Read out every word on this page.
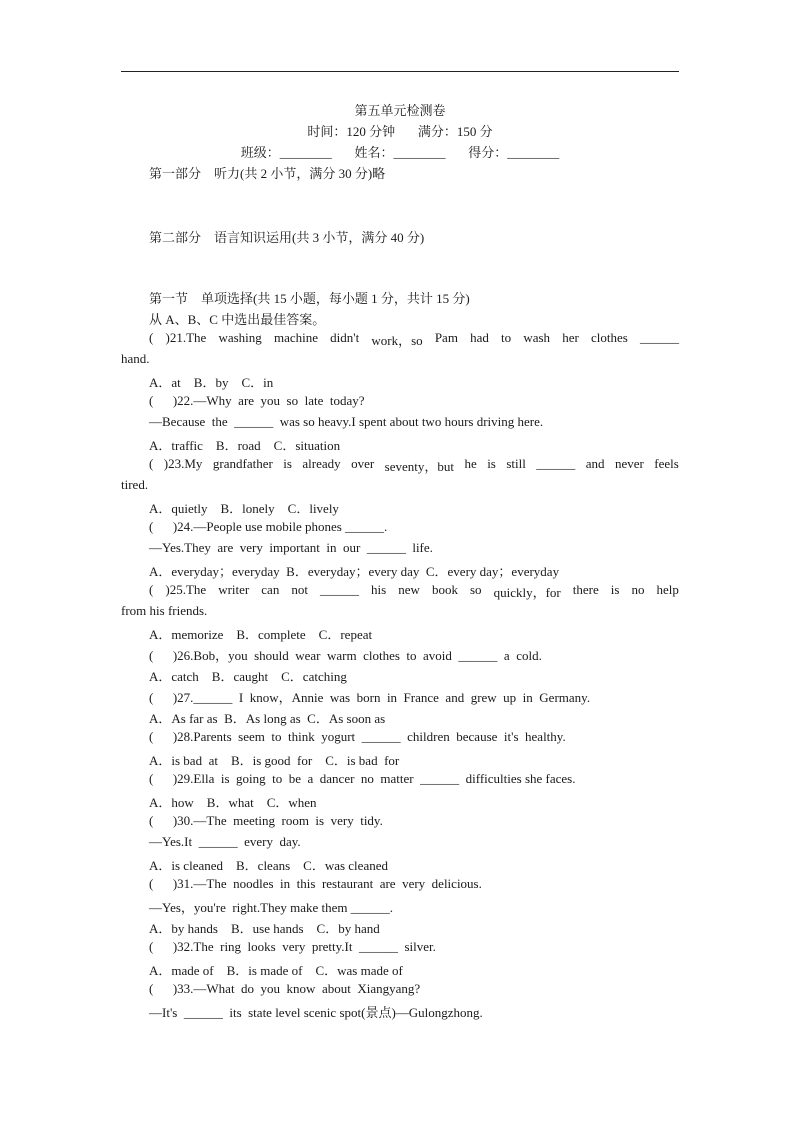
第五单元检测卷
时间：120 分钟       满分：150 分
班级：________       姓名：________       得分：________
第一部分    听力(共 2 小节，满分 30 分)略
第二部分    语言知识运用(共 3 小节，满分 40 分)
第一节    单项选择(共 15 小题，每小题 1 分，共计 15 分)
从 A、B、C 中选出最佳答案。
( )21.The washing machine didn't work，so Pam had to wash her clothes ______
hand.
A．at    B．by    C．in
(      )22.—Why  are  you  so  late  today?
—Because  the  ______  was so heavy.I spent about two hours driving here.
A．traffic    B．road    C．situation
( )23.My grandfather is already over seventy，but he is still ______ and never feels
tired.
A．quietly    B．lonely    C．lively
(      )24.—People use mobile phones ______.
—Yes.They  are  very  important  in  our  ______  life.
A．everyday；everyday  B．everyday；every day  C．every day；everyday
( )25.The writer can not ______ his new book so quickly，for there is no help
from his friends.
A．memorize    B．complete    C．repeat
(      )26.Bob，you  should  wear  warm  clothes  to  avoid  ______  a  cold.
A．catch    B．caught    C．catching
(      )27.______  I  know，Annie  was  born  in  France  and  grew  up  in  Germany.
A．As far as  B．As long as  C．As soon as
(      )28.Parents  seem  to  think  yogurt  ______  children  because  it's  healthy.
A．is bad  at    B．is good  for    C．is bad  for
(      )29.Ella  is  going  to  be  a  dancer  no  matter  ______  difficulties she faces.
A．how    B．what    C．when
(      )30.—The  meeting  room  is  very  tidy.
—Yes.It  ______  every  day.
A．is cleaned    B．cleans    C．was cleaned
(      )31.—The  noodles  in  this  restaurant  are  very  delicious.
—Yes，you're  right.They make them ______.
A．by hands    B．use hands    C．by hand
(      )32.The  ring  looks  very  pretty.It  ______  silver.
A．made of    B．is made of    C．was made of
(      )33.—What  do  you  know  about  Xiangyang?
—It's  ______  its  state level scenic spot(景点)—Gulongzhong.
